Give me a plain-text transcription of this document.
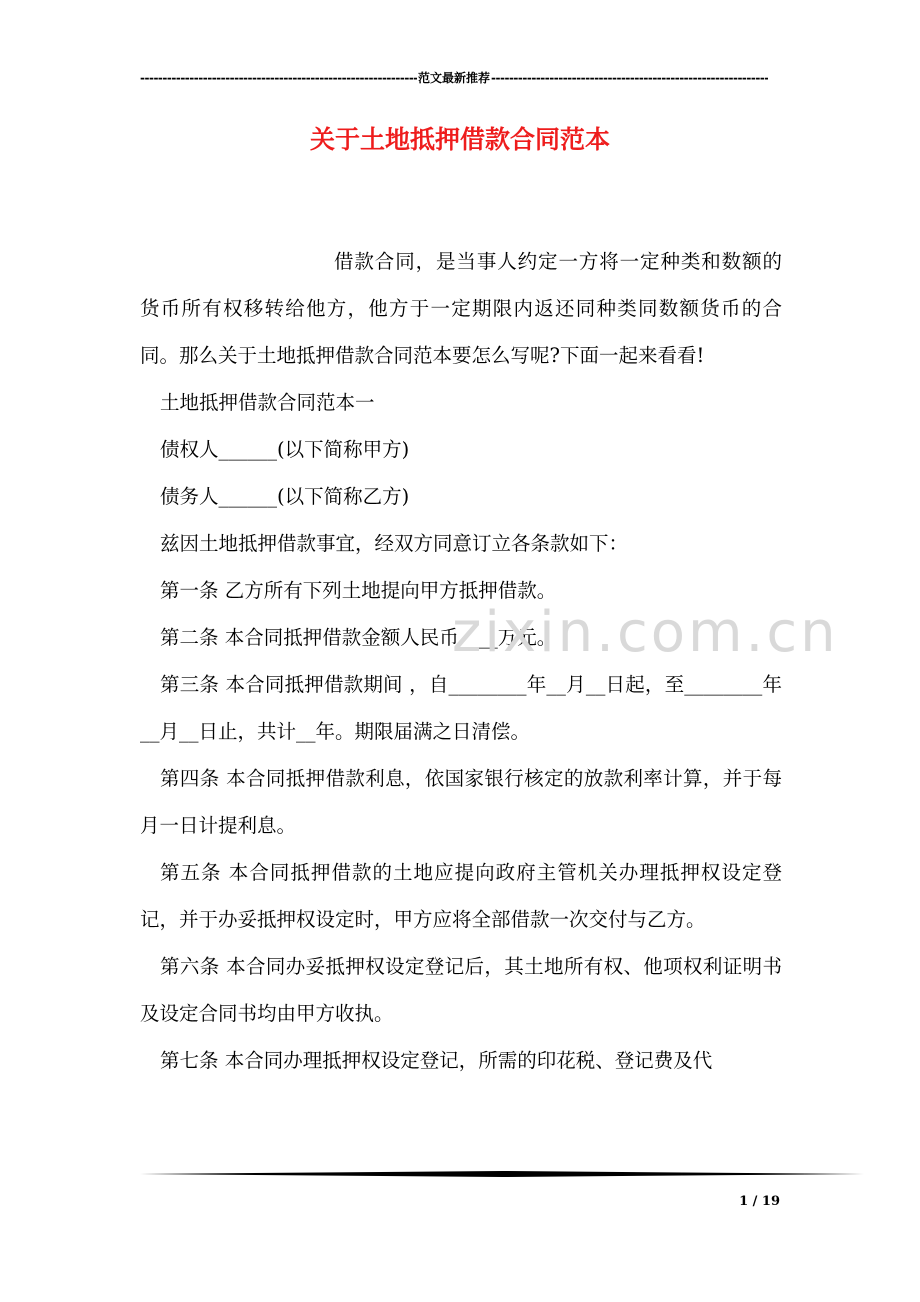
-----
范文最新推荐
-----
关于土地抵押借款合同范本

借款合同，是当事人约定一方将一定种类和数额的货币所有权移转给他方，他方于一定期限内返还同种类同数额货币的合同。那么关于土地抵押借款合同范本要怎么写呢?下面一起来看看!

土地抵押借款合同范本一

债权人______(以下简称甲方)

债务人______(以下简称乙方)

兹因土地抵押借款事宜，经双方同意订立各条款如下：

第一条 乙方所有下列土地提向甲方抵押借款。

第二条 本合同抵押借款金额人民币____万元。

第三条 本合同抵押借款期间 ，自________年__月__日起，至________年__月__日止，共计__年。期限届满之日清偿。

第四条 本合同抵押借款利息，依国家银行核定的放款利率计算，并于每月一日计提利息。

第五条 本合同抵押借款的土地应提向政府主管机关办理抵押权设定登记，并于办妥抵押权设定时，甲方应将全部借款一次交付与乙方。

第六条 本合同办妥抵押权设定登记后，其土地所有权、他项权利证明书及设定合同书均由甲方收执。

第七条 本合同办理抵押权设定登记，所需的印花税、登记费及代

zixin.com.cn
1 / 19
